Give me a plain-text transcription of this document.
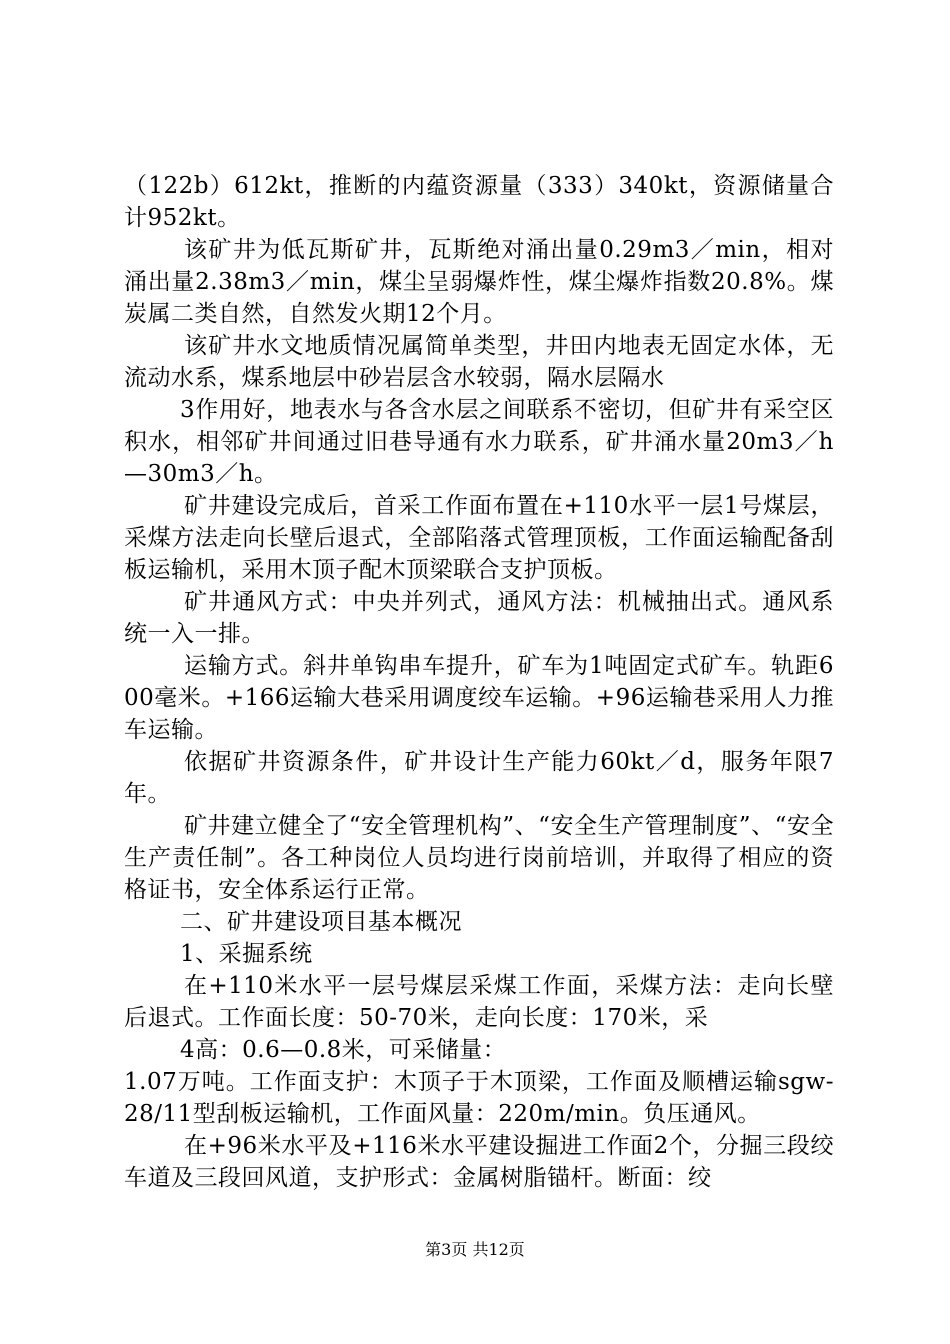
（122b）612kt，推断的内蕴资源量（333）340kt，资源储量合计952kt。

该矿井为低瓦斯矿井，瓦斯绝对涌出量0.29m3／min，相对涌出量2.38m3／min，煤尘呈弱爆炸性，煤尘爆炸指数20.8%。煤炭属二类自然，自然发火期12个月。

该矿井水文地质情况属简单类型，井田内地表无固定水体，无流动水系，煤系地层中砂岩层含水较弱，隔水层隔水

3作用好，地表水与各含水层之间联系不密切，但矿井有采空区积水，相邻矿井间通过旧巷导通有水力联系，矿井涌水量20m3／h—30m3／h。

矿井建设完成后，首采工作面布置在+110水平一层1号煤层，采煤方法走向长壁后退式，全部陷落式管理顶板，工作面运输配备刮板运输机，采用木顶子配木顶梁联合支护顶板。

矿井通风方式：中央并列式，通风方法：机械抽出式。通风系统一入一排。

运输方式。斜井单钩串车提升，矿车为1吨固定式矿车。轨距600毫米。+166运输大巷采用调度绞车运输。+96运输巷采用人力推车运输。

依据矿井资源条件，矿井设计生产能力60kt／d，服务年限7年。

矿井建立健全了“安全管理机构”、“安全生产管理制度”、“安全生产责任制”。各工种岗位人员均进行岗前培训，并取得了相应的资格证书，安全体系运行正常。

二、矿井建设项目基本概况

1、采掘系统

在+110米水平一层号煤层采煤工作面，采煤方法：走向长壁后退式。工作面长度：50-70米，走向长度：170米，采

4高：0.6—0.8米，可采储量：

1.07万吨。工作面支护：木顶子于木顶梁，工作面及顺槽运输sgw-28/11型刮板运输机，工作面风量：220m/min。负压通风。

在+96米水平及+116米水平建设掘进工作面2个，分掘三段绞车道及三段回风道，支护形式：金属树脂锚杆。断面：绞

第3页 共12页
